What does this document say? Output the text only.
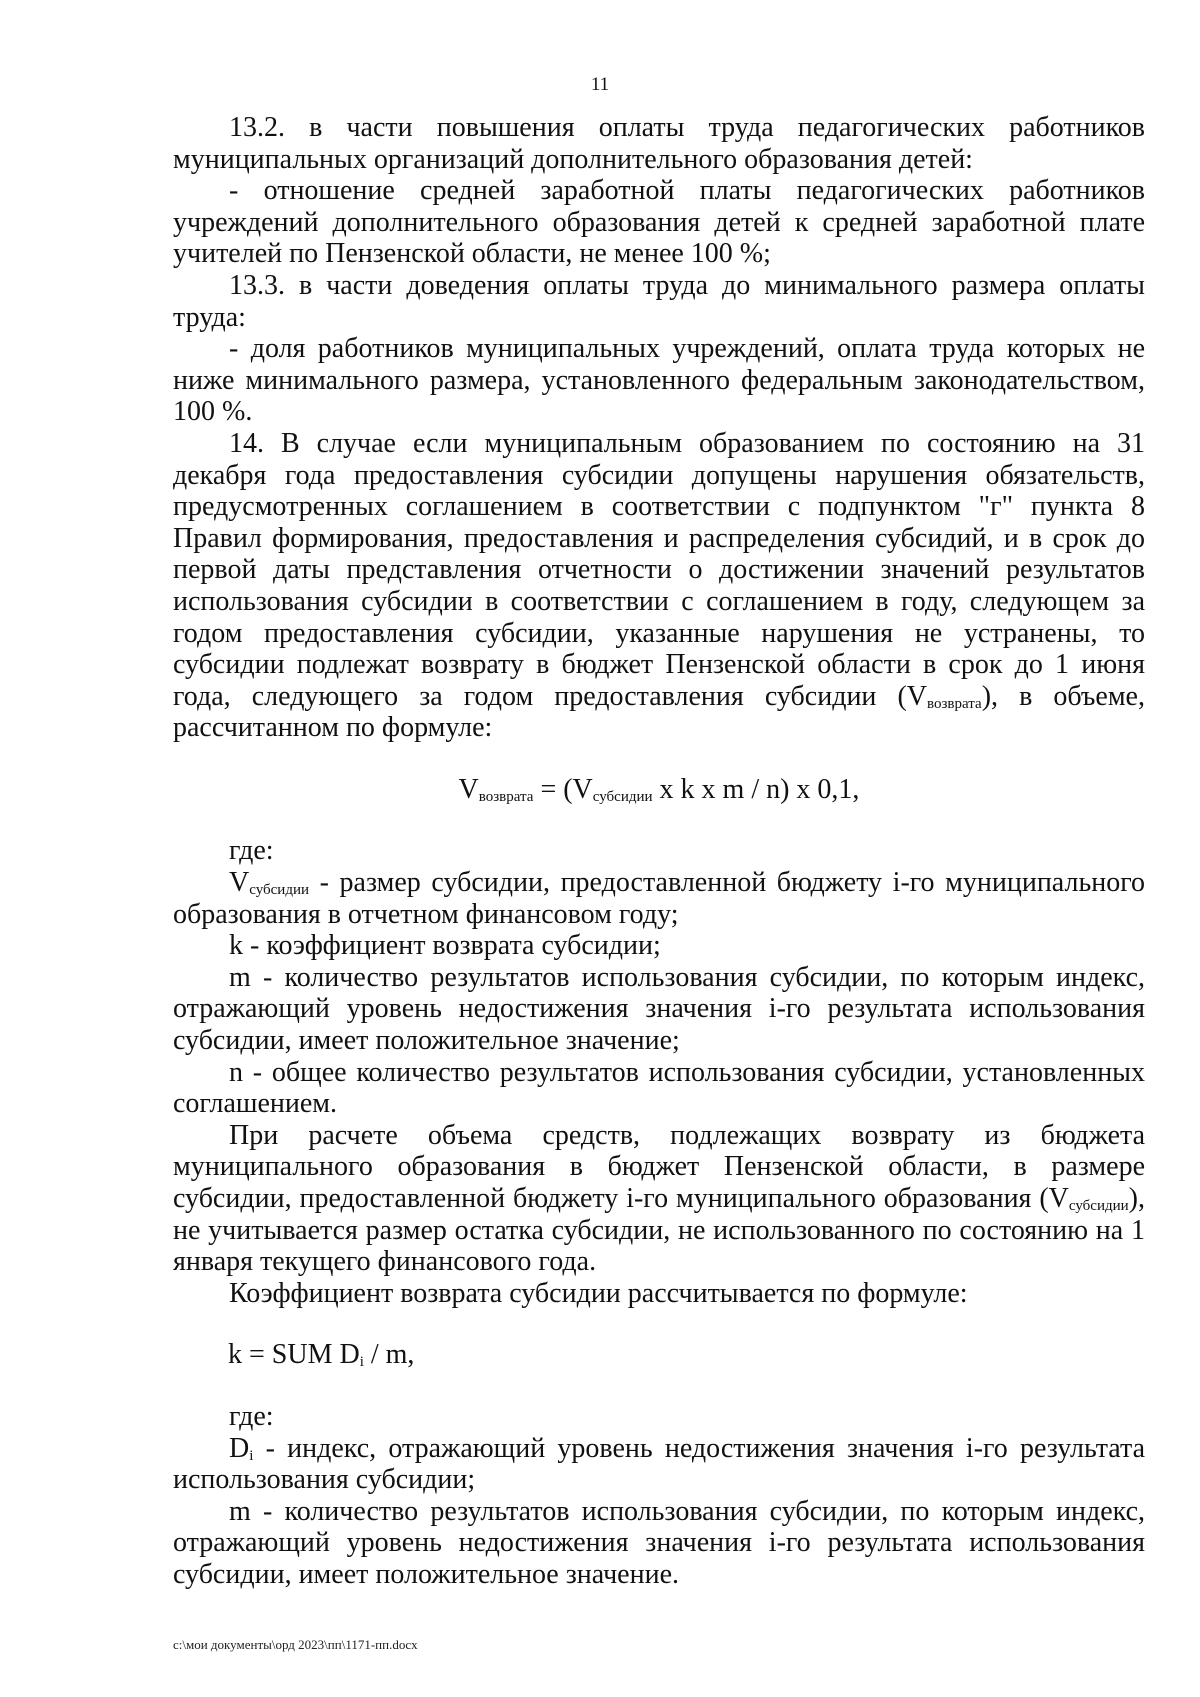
11

13.2. в части повышения оплаты труда педагогических работников муниципальных организаций дополнительного образования детей:

- отношение средней заработной платы педагогических работников учреждений дополнительного образования детей к средней заработной плате учителей по Пензенской области, не менее 100 %;

13.3. в части доведения оплаты труда до минимального размера оплаты труда:

- доля работников муниципальных учреждений, оплата труда которых не ниже минимального размера, установленного федеральным законодательством, 100 %.

14. В случае если муниципальным образованием по состоянию на 31 декабря года предоставления субсидии допущены нарушения обязательств, предусмотренных соглашением в соответствии с подпунктом "г" пункта 8 Правил формирования, предоставления и распределения субсидий, и в срок до первой даты представления отчетности о достижении значений результатов использования субсидии в соответствии с соглашением в году, следующем за годом предоставления субсидии, указанные нарушения не устранены, то субсидии подлежат возврату в бюджет Пензенской области в срок до 1 июня года, следующего за годом предоставления субсидии $(V_{возврата})$, в объеме, рассчитанном по формуле:

$V_{возврата} = (V_{субсидии}$ x k x m / n) x 0,1,

где:

$V_{субсидии}$ - размер субсидии, предоставленной бюджету i-го муниципального образования в отчетном финансовом году;

k - коэффициент возврата субсидии;

m - количество результатов использования субсидии, по которым индекс, отражающий уровень недостижения значения i-го результата использования субсидии, имеет положительное значение;

n - общее количество результатов использования субсидии, установленных соглашением.

При расчете объема средств, подлежащих возврату из бюджета муниципального образования в бюджет Пензенской области, в размере субсидии, предоставленной бюджету i-го муниципального образования $(V_{субсидии})$, не учитывается размер остатка субсидии, не использованного по состоянию на 1 января текущего финансового года.

Коэффициент возврата субсидии рассчитывается по формуле:

k = SUM $D_i$ / m,

где:

$D_i$ - индекс, отражающий уровень недостижения значения i-го результата использования субсидии;

m - количество результатов использования субсидии, по которым индекс, отражающий уровень недостижения значения i-го результата использования субсидии, имеет положительное значение.

c:\мои документы\орд 2023\пп\1171-пп.docx
